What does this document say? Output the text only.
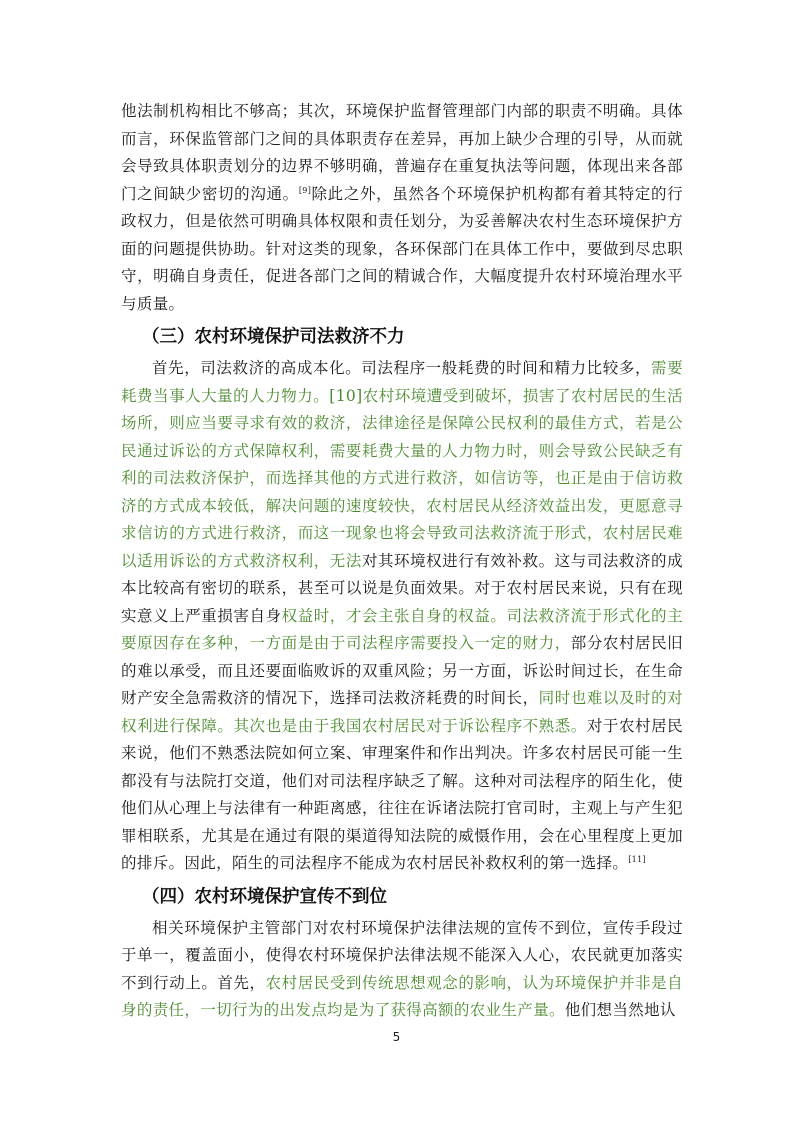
他法制机构相比不够高；其次，环境保护监督管理部门内部的职责不明确。具体而言，环保监管部门之间的具体职责存在差异，再加上缺少合理的引导，从而就会导致具体职责划分的边界不够明确，普遍存在重复执法等问题，体现出来各部门之间缺少密切的沟通。[9]除此之外，虽然各个环境保护机构都有着其特定的行政权力，但是依然可明确具体权限和责任划分，为妥善解决农村生态环境保护方面的问题提供协助。针对这类的现象，各环保部门在具体工作中，要做到尽忠职守，明确自身责任，促进各部门之间的精诚合作，大幅度提升农村环境治理水平与质量。

（三）农村环境保护司法救济不力

首先，司法救济的高成本化。司法程序一般耗费的时间和精力比较多，需要耗费当事人大量的人力物力。[10]农村环境遭受到破坏，损害了农村居民的生活场所，则应当要寻求有效的救济，法律途径是保障公民权利的最佳方式，若是公民通过诉讼的方式保障权利，需要耗费大量的人力物力时，则会导致公民缺乏有利的司法救济保护，而选择其他的方式进行救济，如信访等，也正是由于信访救济的方式成本较低，解决问题的速度较快，农村居民从经济效益出发，更愿意寻求信访的方式进行救济，而这一现象也将会导致司法救济流于形式，农村居民难以适用诉讼的方式救济权利，无法对其环境权进行有效补救。这与司法救济的成本比较高有密切的联系，甚至可以说是负面效果。对于农村居民来说，只有在现实意义上严重损害自身权益时，才会主张自身的权益。司法救济流于形式化的主要原因存在多种，一方面是由于司法程序需要投入一定的财力，部分农村居民旧的难以承受，而且还要面临败诉的双重风险；另一方面，诉讼时间过长，在生命财产安全急需救济的情况下，选择司法救济耗费的时间长，同时也难以及时的对权利进行保障。其次也是由于我国农村居民对于诉讼程序不熟悉。对于农村居民来说，他们不熟悉法院如何立案、审理案件和作出判决。许多农村居民可能一生都没有与法院打交道，他们对司法程序缺乏了解。这种对司法程序的陌生化，使他们从心理上与法律有一种距离感，往往在诉诸法院打官司时，主观上与产生犯罪相联系，尤其是在通过有限的渠道得知法院的威慑作用，会在心里程度上更加的排斥。因此，陌生的司法程序不能成为农村居民补救权利的第一选择。[11]

（四）农村环境保护宣传不到位

相关环境保护主管部门对农村环境保护法律法规的宣传不到位，宣传手段过于单一，覆盖面小，使得农村环境保护法律法规不能深入人心，农民就更加落实不到行动上。首先，农村居民受到传统思想观念的影响，认为环境保护并非是自身的责任，一切行为的出发点均是为了获得高额的农业生产量。他们想当然地认

5
